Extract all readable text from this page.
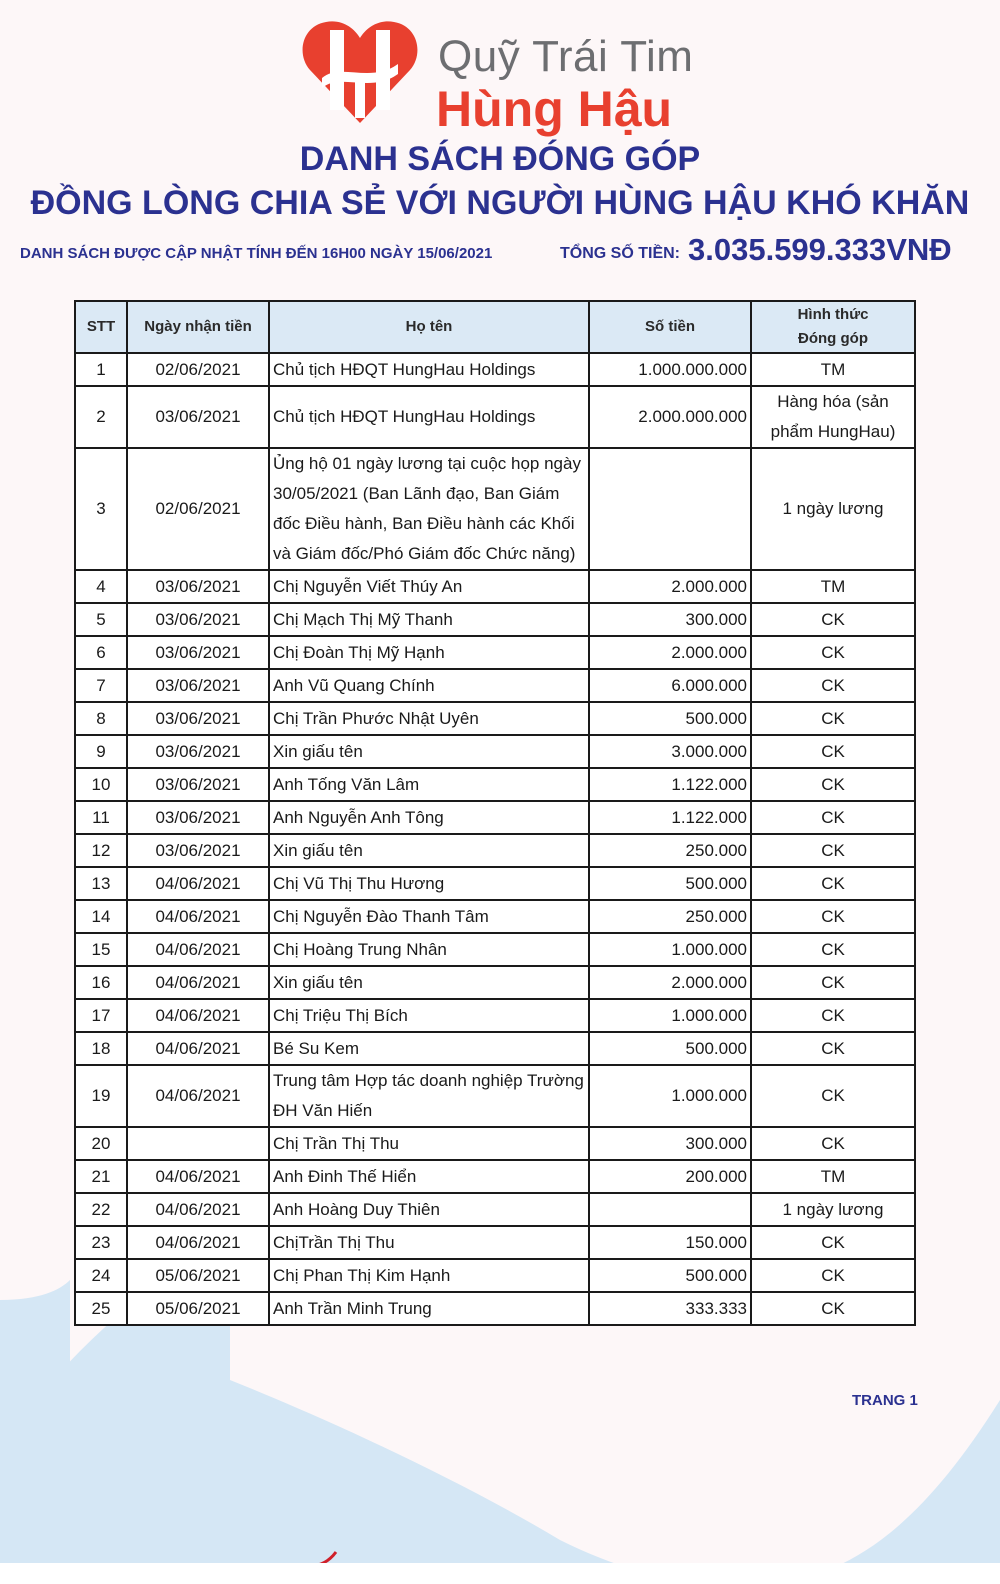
Quỹ Trái Tim
Hùng Hậu
DANH SÁCH ĐÓNG GÓP
ĐỒNG LÒNG CHIA SẺ VỚI NGƯỜI HÙNG HẬU KHÓ KHĂN
DANH SÁCH ĐƯỢC CẬP NHẬT TÍNH ĐẾN 16H00 NGÀY 15/06/2021	TỔNG SỐ TIỀN: 3.035.599.333VNĐ
STT	Ngày nhận tiền	Họ tên	Số tiền	Hình thức
Đóng góp

1	02/06/2021	Chủ tịch HĐQT HungHau Holdings	1.000.000.000	TM
2	03/06/2021	Chủ tịch HĐQT HungHau Holdings	2.000.000.000	Hàng hóa (sản phẩm HungHau)
3	02/06/2021	Ủng hộ 01 ngày lương tại cuộc họp ngày 30/05/2021 (Ban Lãnh đạo, Ban Giám đốc Điều hành, Ban Điều hành các Khối và Giám đốc/Phó Giám đốc Chức năng)		1 ngày lương
4	03/06/2021	Chị Nguyễn Viết Thúy An	2.000.000	TM
5	03/06/2021	Chị Mạch Thị Mỹ Thanh	300.000	CK
6	03/06/2021	Chị Đoàn Thị Mỹ Hạnh	2.000.000	CK
7	03/06/2021	Anh Vũ Quang Chính	6.000.000	CK
8	03/06/2021	Chị Trần Phước Nhật Uyên	500.000	CK
9	03/06/2021	Xin giấu tên	3.000.000	CK
10	03/06/2021	Anh Tống Văn Lâm	1.122.000	CK
11	03/06/2021	Anh Nguyễn Anh Tông	1.122.000	CK
12	03/06/2021	Xin giấu tên	250.000	CK
13	04/06/2021	Chị Vũ Thị Thu Hương	500.000	CK
14	04/06/2021	Chị Nguyễn Đào Thanh Tâm	250.000	CK
15	04/06/2021	Chị Hoàng Trung Nhân	1.000.000	CK
16	04/06/2021	Xin giấu tên	2.000.000	CK
17	04/06/2021	Chị Triệu Thị Bích	1.000.000	CK
18	04/06/2021	Bé Su Kem	500.000	CK
19	04/06/2021	Trung tâm Hợp tác doanh nghiệp Trường ĐH Văn Hiến	1.000.000	CK
20		Chị Trần Thị Thu	300.000	CK
21	04/06/2021	Anh Đinh Thế Hiển	200.000	TM
22	04/06/2021	Anh Hoàng Duy Thiên		1 ngày lương
23	04/06/2021	ChịTrần Thị Thu	150.000	CK
24	05/06/2021	Chị Phan Thị Kim Hạnh	500.000	CK
25	05/06/2021	Anh Trần Minh Trung	333.333	CK
TRANG 1
